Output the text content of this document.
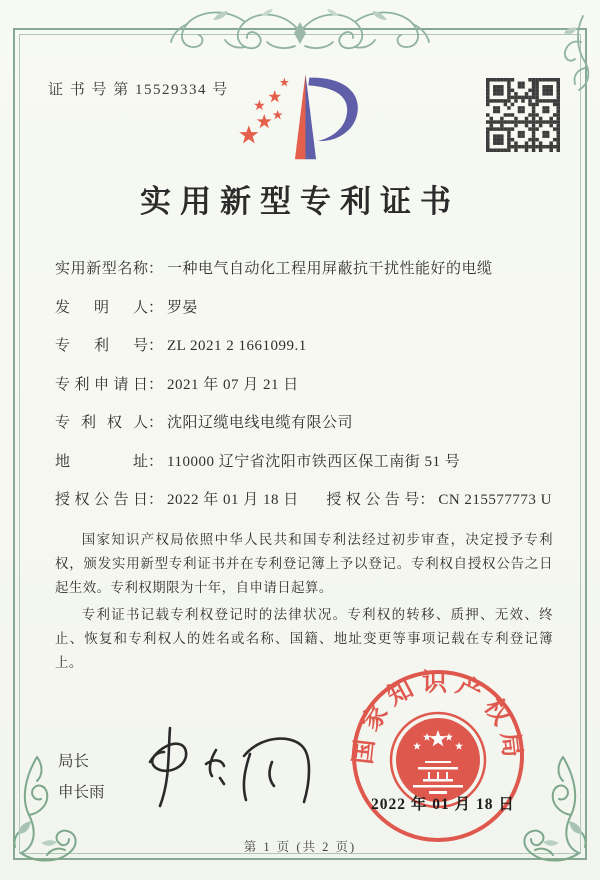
证 书 号 第 15529334 号
实用新型专利证书
实用新型名称： 一种电气自动化工程用屏蔽抗干扰性能好的电缆
发明人： 罗晏
专利号： ZL 2021 2 1661099.1
专利申请日： 2021 年 07 月 21 日
专利权人： 沈阳辽缆电线电缆有限公司
地址： 110000 辽宁省沈阳市铁西区保工南街 51 号
授权公告日： 2022 年 01 月 18 日	授权公告号： CN 215577773 U

国家知识产权局依照中华人民共和国专利法经过初步审查，决定授予专利权，颁发实用新型专利证书并在专利登记簿上予以登记。专利权自授权公告之日起生效。专利权期限为十年，自申请日起算。

专利证书记载专利权登记时的法律状况。专利权的转移、质押、无效、终止、恢复和专利权人的姓名或名称、国籍、地址变更等事项记载在专利登记簿上。

局长
申长雨
国家知识产权局
2022 年 01 月 18 日
第 1 页 (共 2 页)
